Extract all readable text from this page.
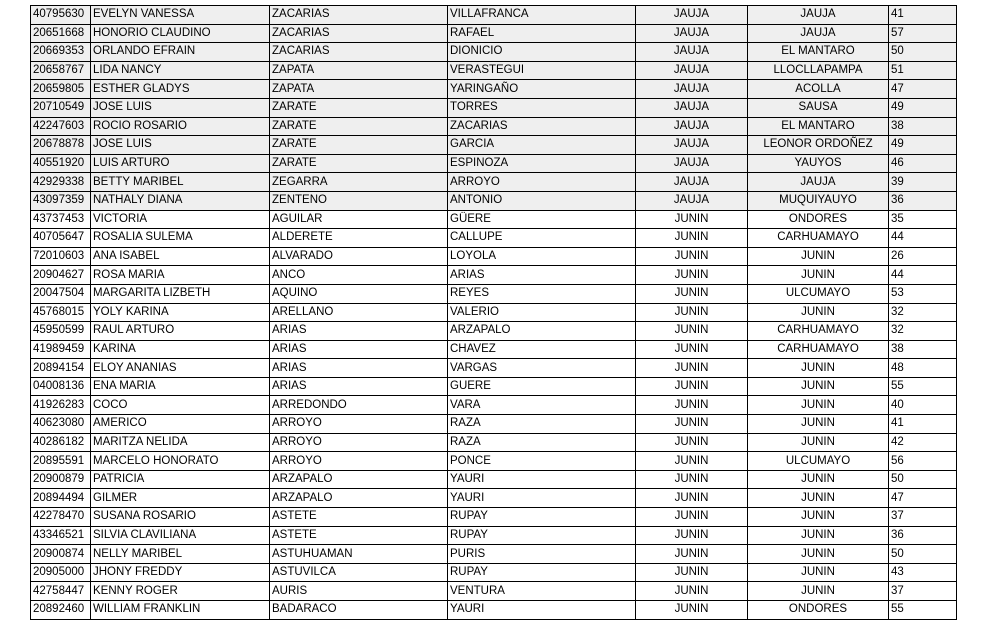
40795630	EVELYN VANESSA	ZACARIAS	VILLAFRANCA	JAUJA	JAUJA	41
20651668	HONORIO CLAUDINO	ZACARIAS	RAFAEL	JAUJA	JAUJA	57
20669353	ORLANDO EFRAIN	ZACARIAS	DIONICIO	JAUJA	EL MANTARO	50
20658767	LIDA NANCY	ZAPATA	VERASTEGUI	JAUJA	LLOCLLAPAMPA	51
20659805	ESTHER GLADYS	ZAPATA	YARINGAÑO	JAUJA	ACOLLA	47
20710549	JOSE LUIS	ZARATE	TORRES	JAUJA	SAUSA	49
42247603	ROCIO ROSARIO	ZARATE	ZACARIAS	JAUJA	EL MANTARO	38
20678878	JOSE LUIS	ZARATE	GARCIA	JAUJA	LEONOR ORDOÑEZ	49
40551920	LUIS ARTURO	ZARATE	ESPINOZA	JAUJA	YAUYOS	46
42929338	BETTY MARIBEL	ZEGARRA	ARROYO	JAUJA	JAUJA	39
43097359	NATHALY DIANA	ZENTENO	ANTONIO	JAUJA	MUQUIYAUYO	36
43737453	VICTORIA	AGUILAR	GÜERE	JUNIN	ONDORES	35
40705647	ROSALIA SULEMA	ALDERETE	CALLUPE	JUNIN	CARHUAMAYO	44
72010603	ANA ISABEL	ALVARADO	LOYOLA	JUNIN	JUNIN	26
20904627	ROSA MARIA	ANCO	ARIAS	JUNIN	JUNIN	44
20047504	MARGARITA LIZBETH	AQUINO	REYES	JUNIN	ULCUMAYO	53
45768015	YOLY KARINA	ARELLANO	VALERIO	JUNIN	JUNIN	32
45950599	RAUL ARTURO	ARIAS	ARZAPALO	JUNIN	CARHUAMAYO	32
41989459	KARINA	ARIAS	CHAVEZ	JUNIN	CARHUAMAYO	38
20894154	ELOY ANANIAS	ARIAS	VARGAS	JUNIN	JUNIN	48
04008136	ENA MARIA	ARIAS	GUERE	JUNIN	JUNIN	55
41926283	COCO	ARREDONDO	VARA	JUNIN	JUNIN	40
40623080	AMERICO	ARROYO	RAZA	JUNIN	JUNIN	41
40286182	MARITZA NELIDA	ARROYO	RAZA	JUNIN	JUNIN	42
20895591	MARCELO HONORATO	ARROYO	PONCE	JUNIN	ULCUMAYO	56
20900879	PATRICIA	ARZAPALO	YAURI	JUNIN	JUNIN	50
20894494	GILMER	ARZAPALO	YAURI	JUNIN	JUNIN	47
42278470	SUSANA ROSARIO	ASTETE	RUPAY	JUNIN	JUNIN	37
43346521	SILVIA CLAVILIANA	ASTETE	RUPAY	JUNIN	JUNIN	36
20900874	NELLY MARIBEL	ASTUHUAMAN	PURIS	JUNIN	JUNIN	50
20905000	JHONY FREDDY	ASTUVILCA	RUPAY	JUNIN	JUNIN	43
42758447	KENNY ROGER	AURIS	VENTURA	JUNIN	JUNIN	37
20892460	WILLIAM FRANKLIN	BADARACO	YAURI	JUNIN	ONDORES	55
